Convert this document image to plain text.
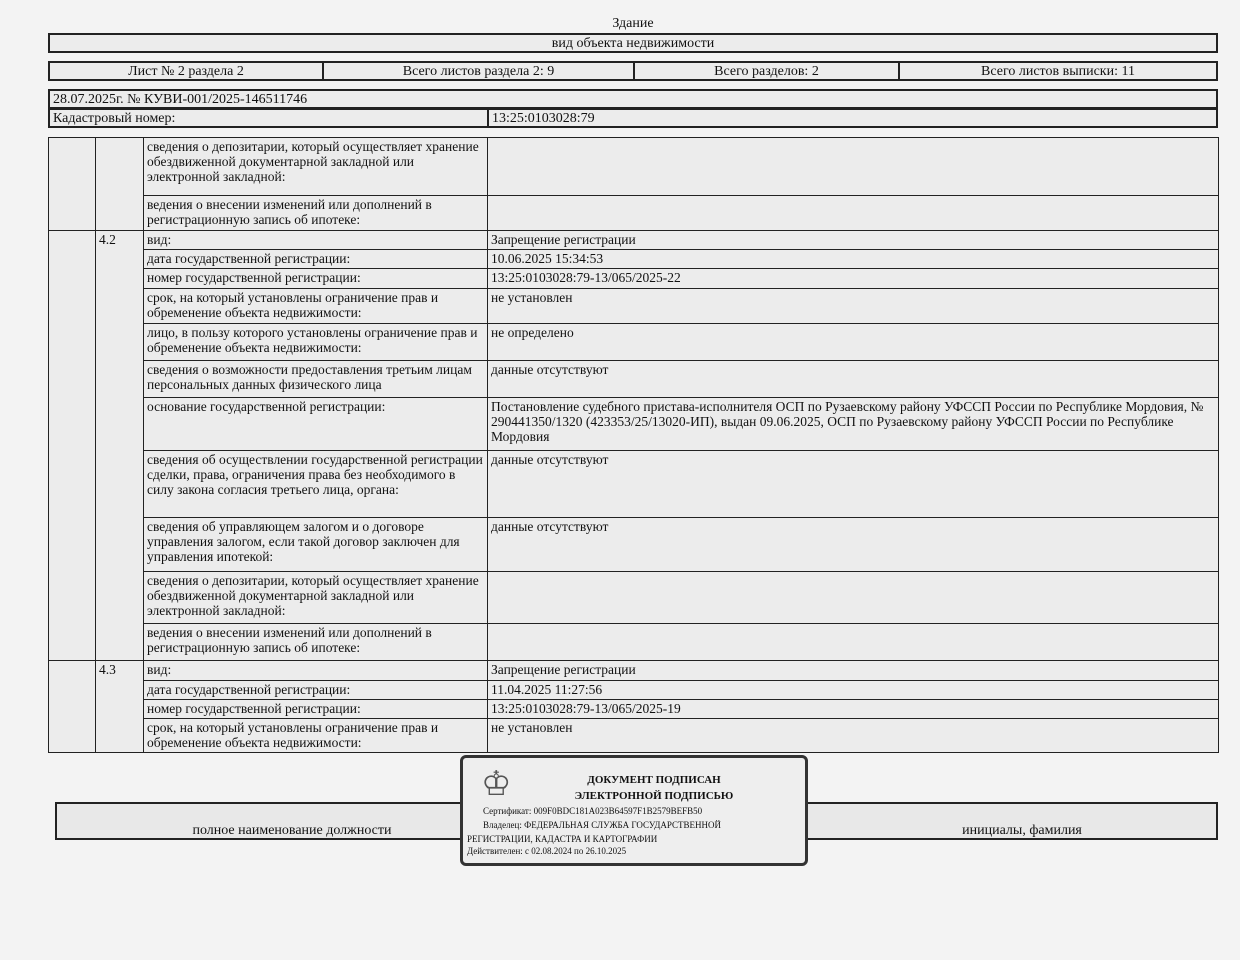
Здание
вид объекта недвижимости
Лист № 2 раздела 2	Всего листов раздела 2: 9	Всего разделов: 2	Всего листов выписки: 11
28.07.2025г. № КУВИ-001/2025-146511746
Кадастровый номер:	13:25:0103028:79
		сведения о депозитарии, который осуществляет хранение обездвиженной документарной закладной или электронной закладной:	
		ведения о внесении изменений или дополнений в регистрационную запись об ипотеке:	
	4.2	вид:	Запрещение регистрации
		дата государственной регистрации:	10.06.2025 15:34:53
		номер государственной регистрации:	13:25:0103028:79-13/065/2025-22
		срок, на который установлены ограничение прав и обременение объекта недвижимости:	не установлен
		лицо, в пользу которого установлены ограничение прав и обременение объекта недвижимости:	не определено
		сведения о возможности предоставления третьим лицам персональных данных физического лица	данные отсутствуют
		основание государственной регистрации:	Постановление судебного пристава-исполнителя ОСП по Рузаевскому району УФССП России по Республике Мордовия, № 290441350/1320 (423353/25/13020-ИП), выдан 09.06.2025, ОСП по Рузаевскому району УФССП России по Республике Мордовия
		сведения об осуществлении государственной регистрации сделки, права, ограничения права без необходимого в силу закона согласия третьего лица, органа:	данные отсутствуют
		сведения об управляющем залогом и о договоре управления залогом, если такой договор заключен для управления ипотекой:	данные отсутствуют
		сведения о депозитарии, который осуществляет хранение обездвиженной документарной закладной или электронной закладной:	
		ведения о внесении изменений или дополнений в регистрационную запись об ипотеке:	
	4.3	вид:	Запрещение регистрации
		дата государственной регистрации:	11.04.2025 11:27:56
		номер государственной регистрации:	13:25:0103028:79-13/065/2025-19
		срок, на который установлены ограничение прав и обременение объекта недвижимости:	не установлен
полное наименование должности	инициалы, фамилия
♔	ДОКУМЕНТ ПОДПИСАН
ЭЛЕКТРОННОЙ ПОДПИСЬЮ
Сертификат: 009F0BDC181A023B64597F1B2579BEFB50
Владелец: ФЕДЕРАЛЬНАЯ СЛУЖБА ГОСУДАРСТВЕННОЙ
РЕГИСТРАЦИИ, КАДАСТРА И КАРТОГРАФИИ
Действителен: с 02.08.2024 по 26.10.2025
